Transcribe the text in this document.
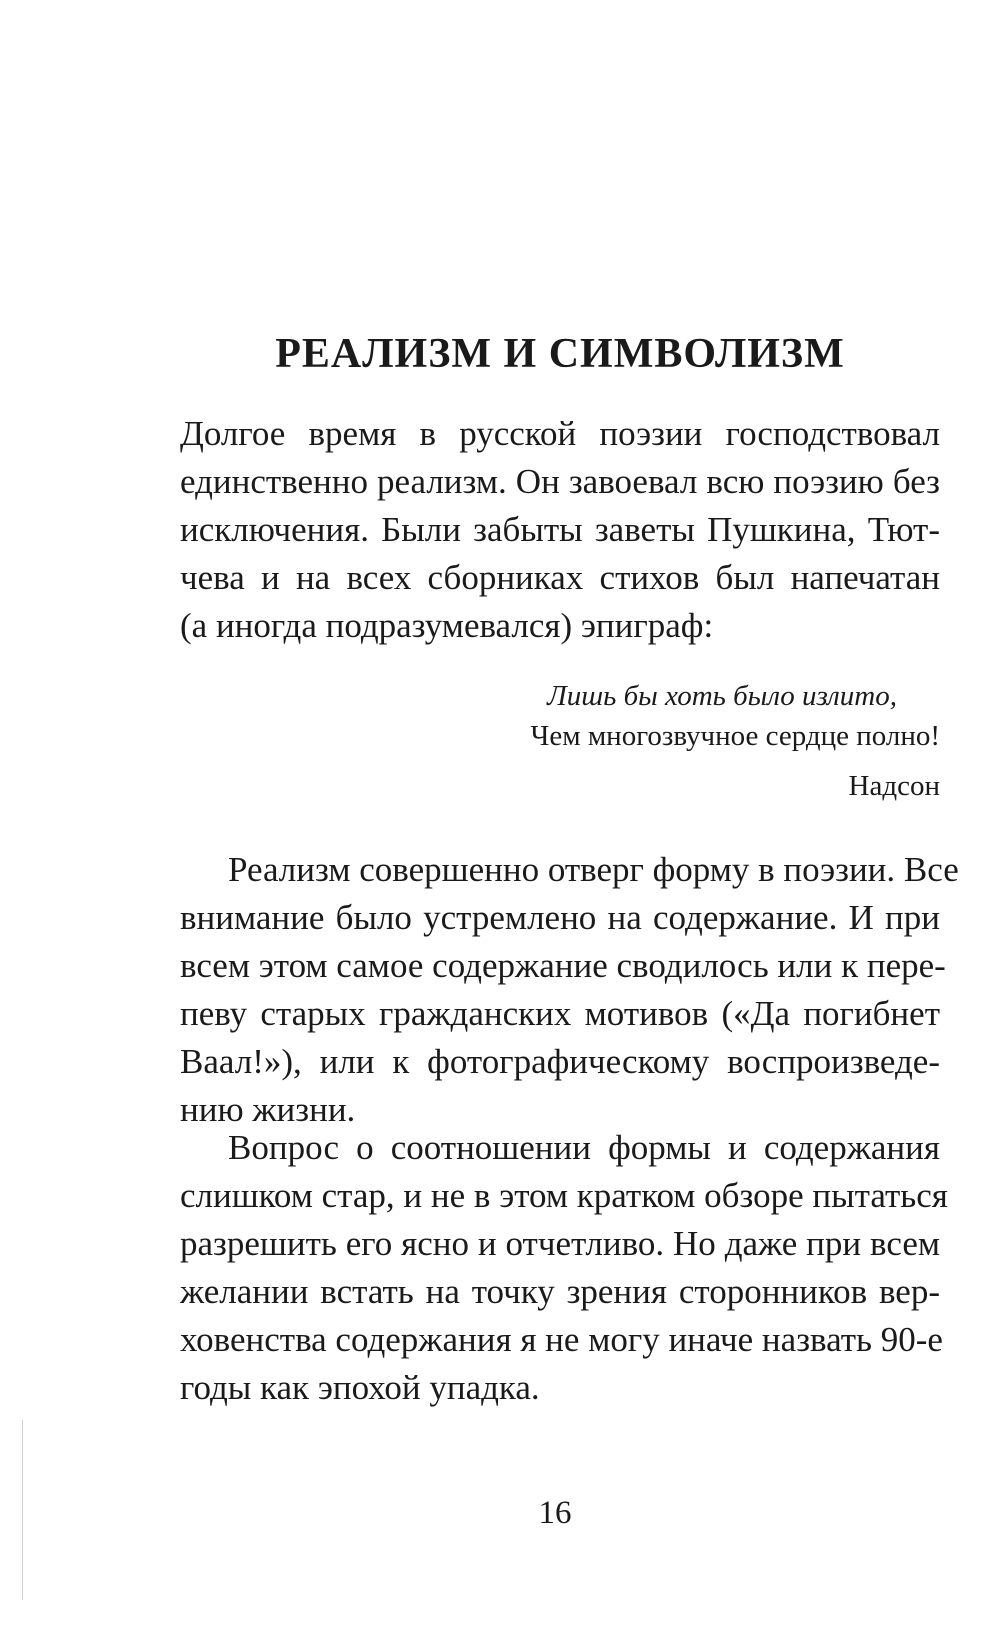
РЕАЛИЗМ И СИМВОЛИЗМ
Долгое время в русской поэзии господствовал
единственно реализм. Он завоевал всю поэзию без
исключения. Были забыты заветы Пушкина, Тют-
чева и на всех сборниках стихов был напечатан
(а иногда подразумевался) эпиграф:
Лишь бы хоть было излито,
Чем многозвучное сердце полно!
Надсон
Реализм совершенно отверг форму в поэзии. Все
внимание было устремлено на содержание. И при
всем этом самое содержание сводилось или к пере-
певу старых гражданских мотивов («Да погибнет
Ваал!»), или к фотографическому воспроизведе-
нию жизни.
Вопрос о соотношении формы и содержания
слишком стар, и не в этом кратком обзоре пытаться
разрешить его ясно и отчетливо. Но даже при всем
желании встать на точку зрения сторонников вер-
ховенства содержания я не могу иначе назвать 90-е
годы как эпохой упадка.
16
